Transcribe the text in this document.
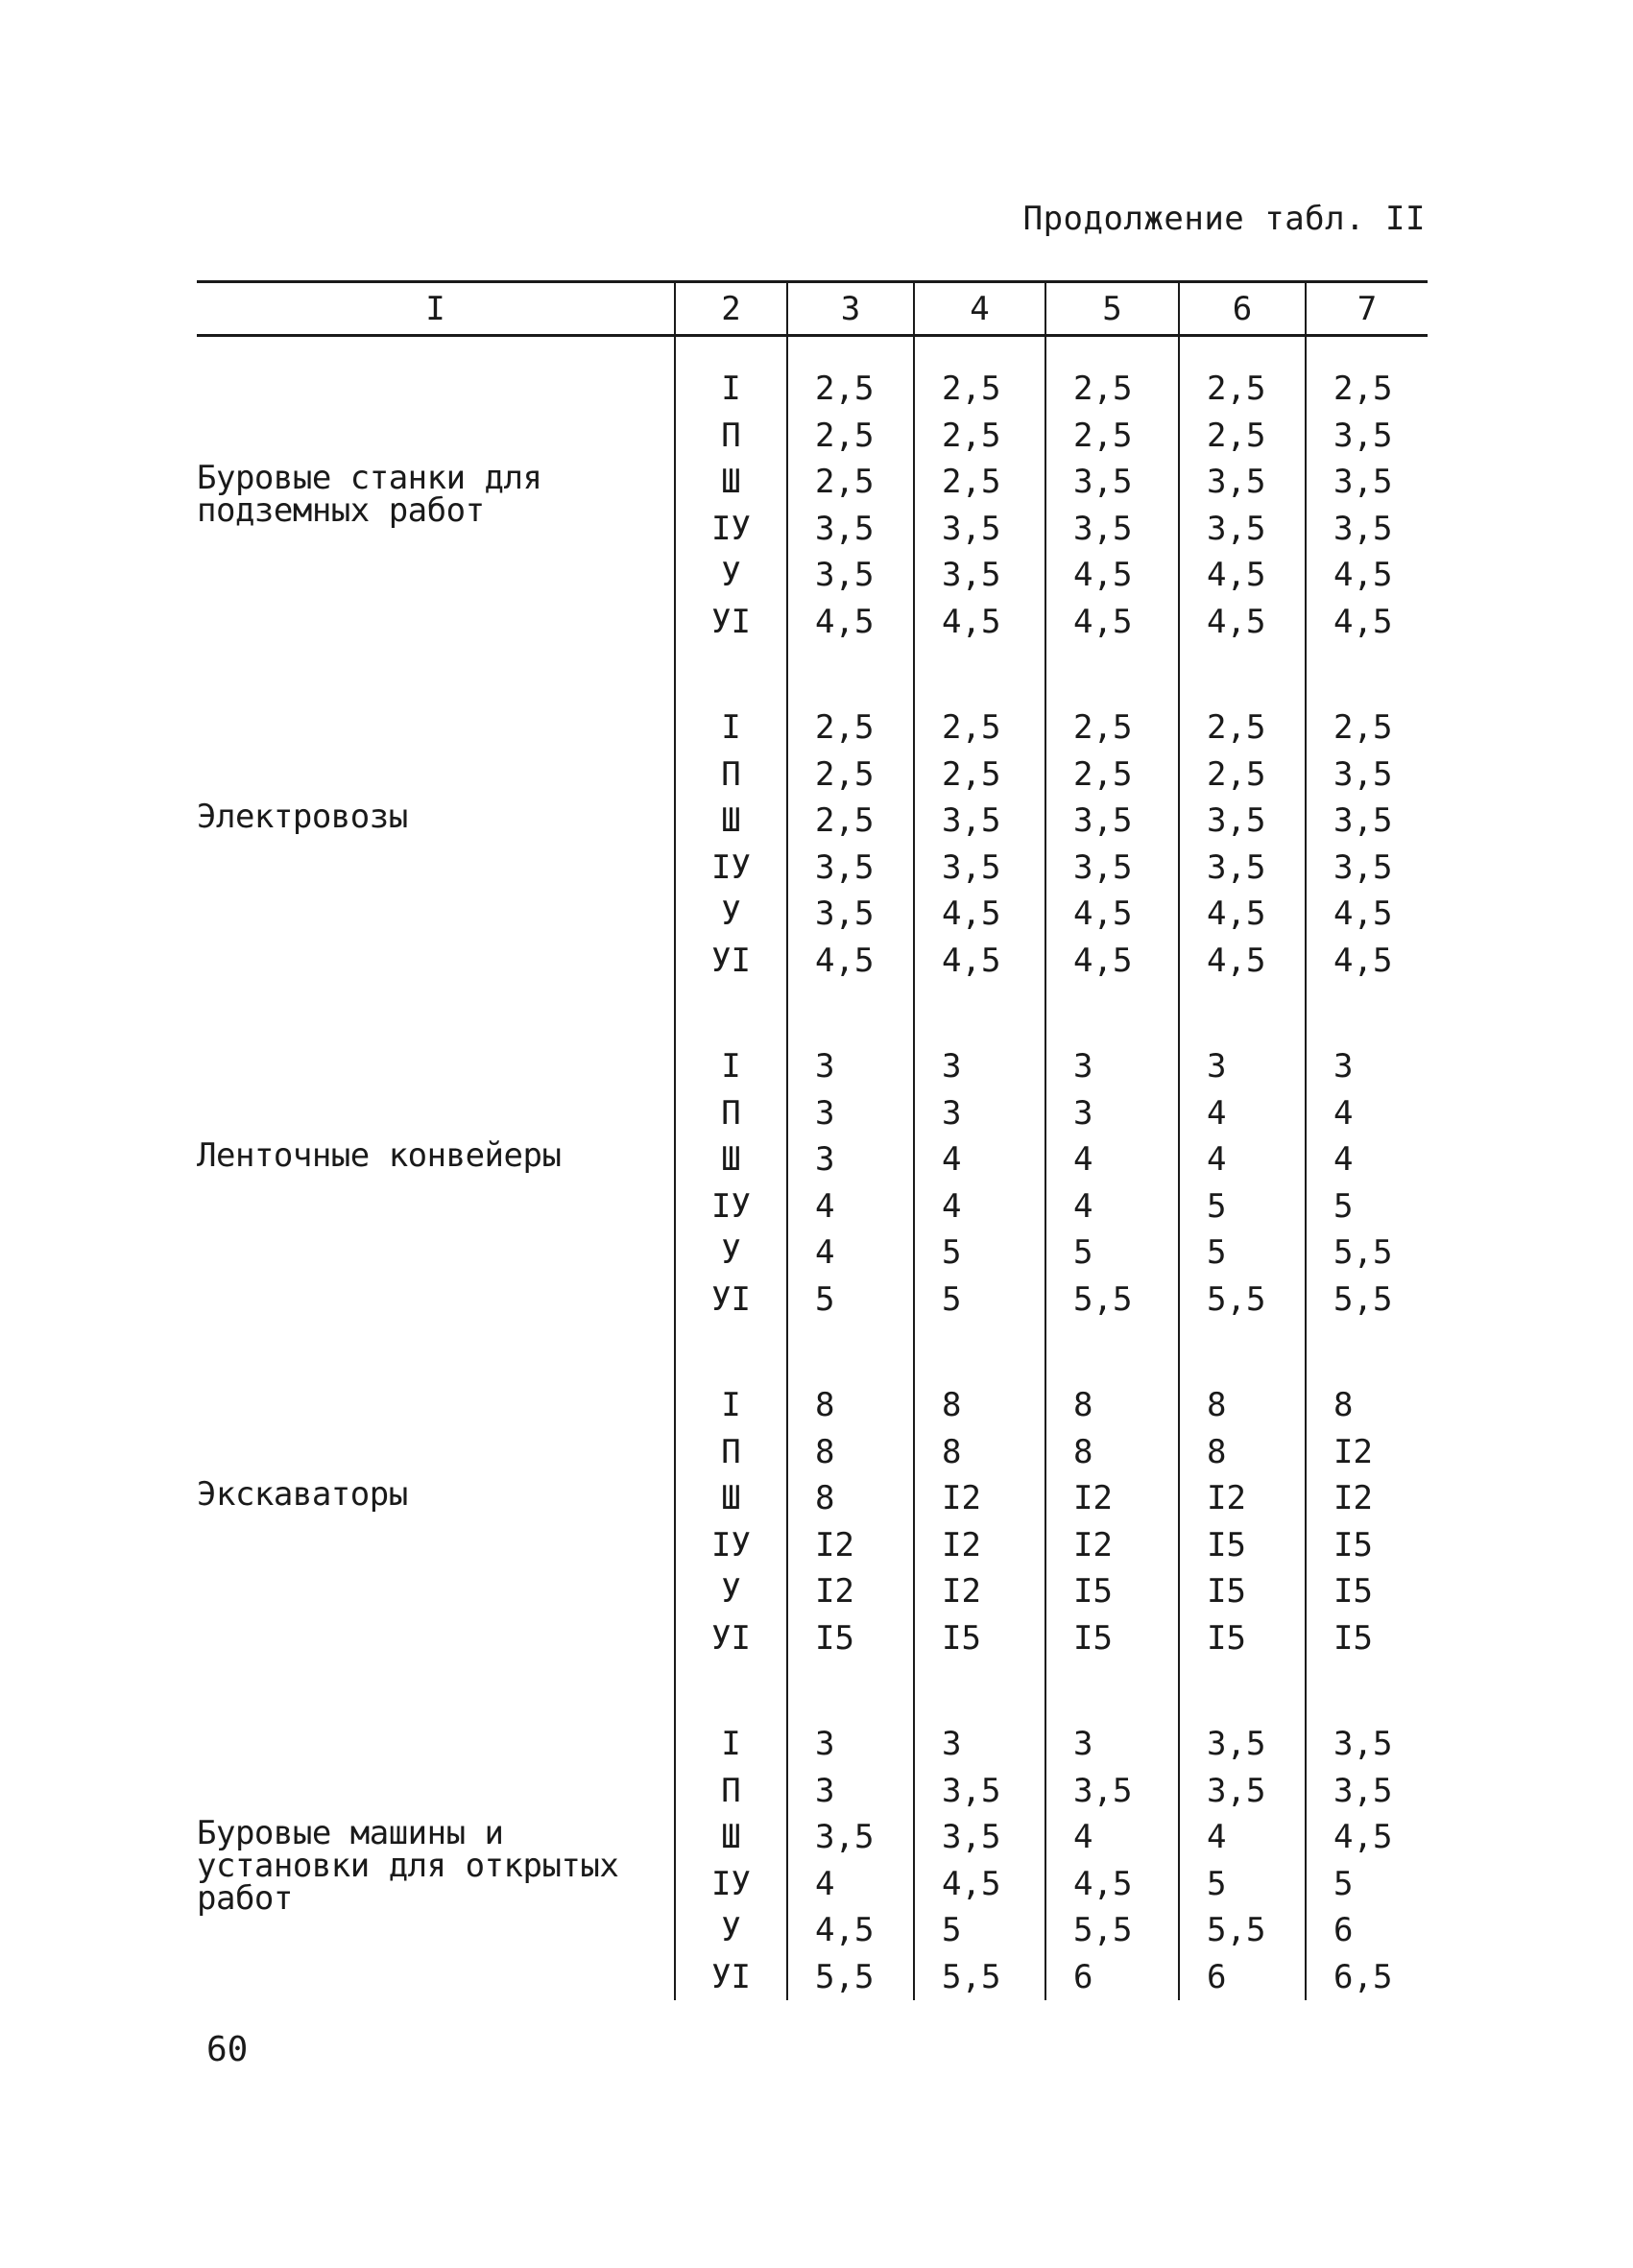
Продолжение табл. II
I	2	3	4	5	6	7

Буровые станки для подземных работ	I	2,5	2,5	2,5	2,5	2,5
	П	2,5	2,5	2,5	2,5	3,5
	Ш	2,5	2,5	3,5	3,5	3,5
	IУ	3,5	3,5	3,5	3,5	3,5
	У	3,5	3,5	4,5	4,5	4,5
	УI	4,5	4,5	4,5	4,5	4,5

Электровозы	I	2,5	2,5	2,5	2,5	2,5
	П	2,5	2,5	2,5	2,5	3,5
	Ш	2,5	3,5	3,5	3,5	3,5
	IУ	3,5	3,5	3,5	3,5	3,5
	У	3,5	4,5	4,5	4,5	4,5
	УI	4,5	4,5	4,5	4,5	4,5

Ленточные конвейеры	I	3	3	3	3	3
	П	3	3	3	4	4
	Ш	3	4	4	4	4
	IУ	4	4	4	5	5
	У	4	5	5	5	5,5
	УI	5	5	5,5	5,5	5,5

Экскаваторы	I	8	8	8	8	8
	П	8	8	8	8	I2
	Ш	8	I2	I2	I2	I2
	IУ	I2	I2	I2	I5	I5
	У	I2	I2	I5	I5	I5
	УI	I5	I5	I5	I5	I5

Буровые машины и установки для открытых работ	I	3	3	3	3,5	3,5
	П	3	3,5	3,5	3,5	3,5
	Ш	3,5	3,5	4	4	4,5
	IУ	4	4,5	4,5	5	5
	У	4,5	5	5,5	5,5	6
	УI	5,5	5,5	6	6	6,5
60
